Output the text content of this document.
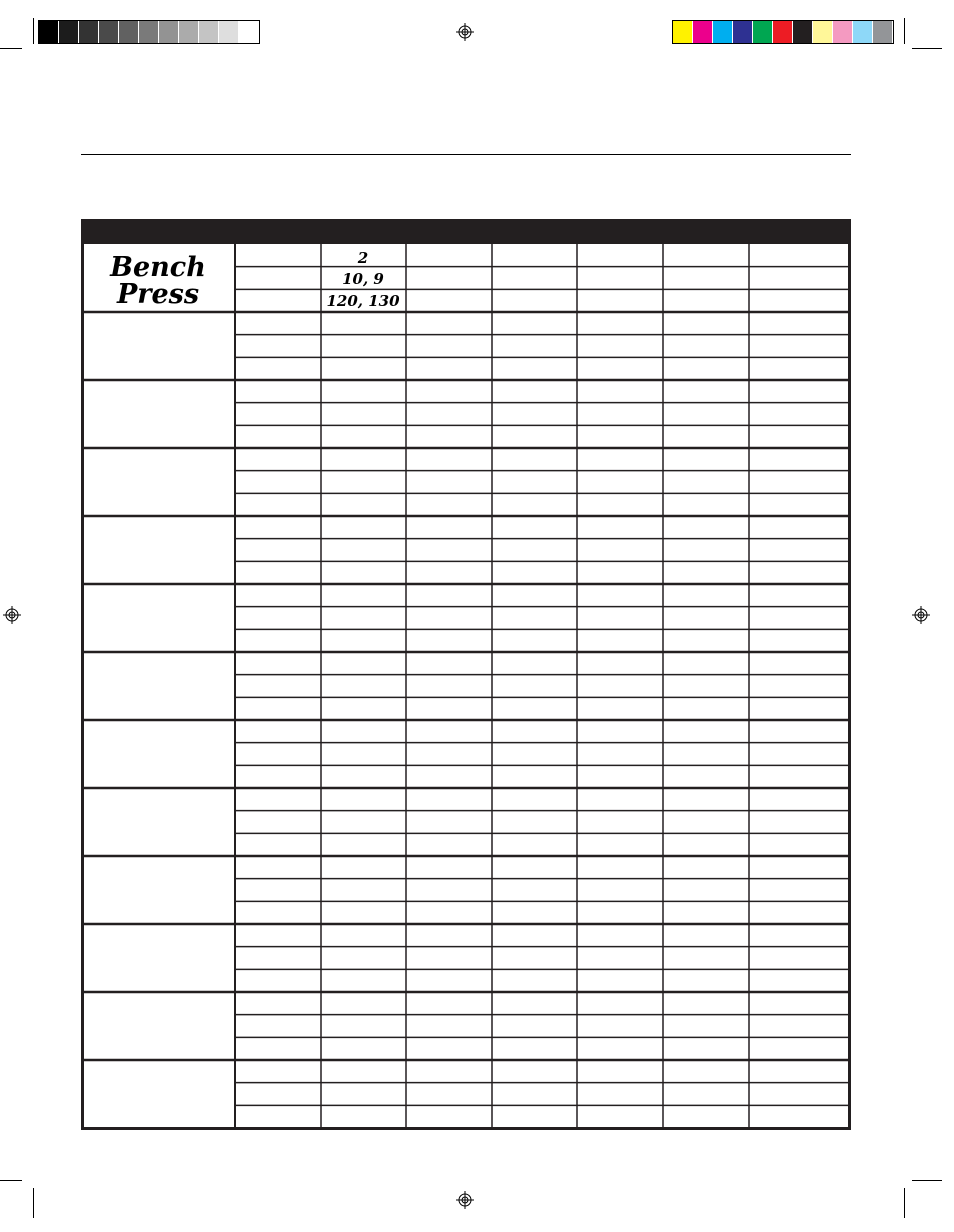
Bench
Press
2
10, 9
120, 130
